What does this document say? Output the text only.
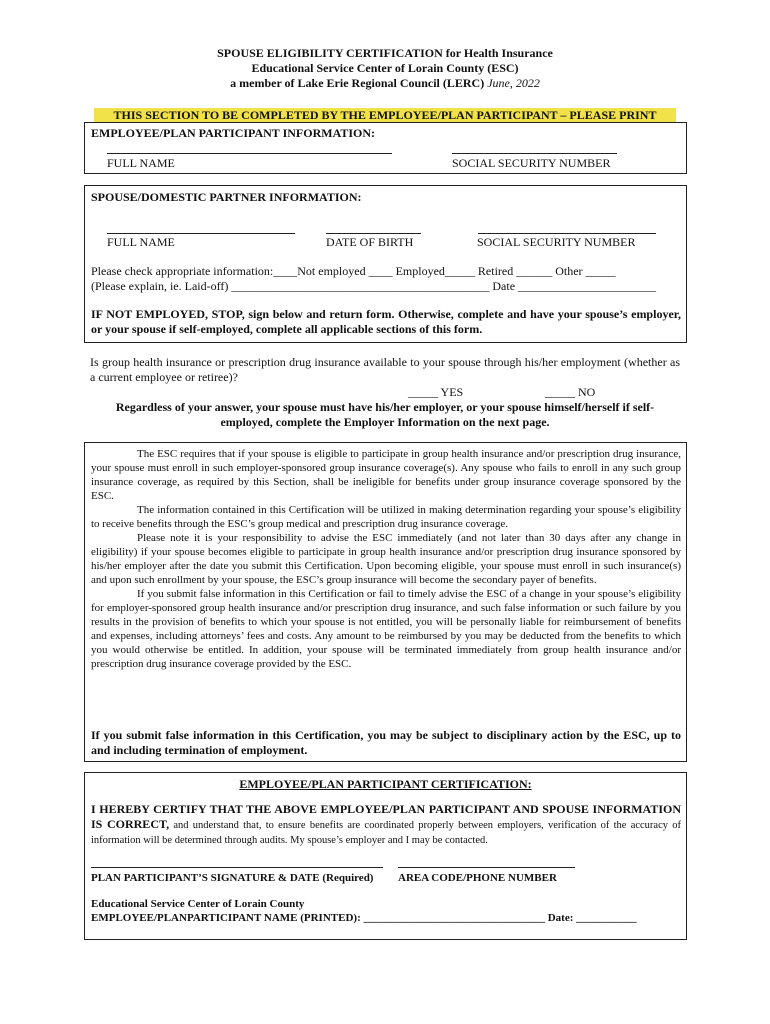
SPOUSE ELIGIBILITY CERTIFICATION for Health Insurance
Educational Service Center of Lorain County (ESC)
a member of Lake Erie Regional Council (LERC) June, 2022
THIS SECTION TO BE COMPLETED BY THE EMPLOYEE/PLAN PARTICIPANT – PLEASE PRINT
EMPLOYEE/PLAN PARTICIPANT INFORMATION:
FULL NAME	SOCIAL SECURITY NUMBER
SPOUSE/DOMESTIC PARTNER INFORMATION:
FULL NAME	DATE OF BIRTH	SOCIAL SECURITY NUMBER
Please check appropriate information:____Not employed ____ Employed_____ Retired ______ Other _____
(Please explain, ie. Laid-off) ___________________________________________ Date _______________________
IF NOT EMPLOYED, STOP, sign below and return form. Otherwise, complete and have your spouse’s employer, or your spouse if self-employed, complete all applicable sections of this form.
Is group health insurance or prescription drug insurance available to your spouse through his/her employment (whether as a current employee or retiree)?
_____ YES	_____ NO
Regardless of your answer, your spouse must have his/her employer, or your spouse himself/herself if self-employed, complete the Employer Information on the next page.

The ESC requires that if your spouse is eligible to participate in group health insurance and/or prescription drug insurance, your spouse must enroll in such employer-sponsored group insurance coverage(s). Any spouse who fails to enroll in any such group insurance coverage, as required by this Section, shall be ineligible for benefits under group insurance coverage sponsored by the ESC.

The information contained in this Certification will be utilized in making determination regarding your spouse’s eligibility to receive benefits through the ESC’s group medical and prescription drug insurance coverage.

Please note it is your responsibility to advise the ESC immediately (and not later than 30 days after any change in eligibility) if your spouse becomes eligible to participate in group health insurance and/or prescription drug insurance sponsored by his/her employer after the date you submit this Certification. Upon becoming eligible, your spouse must enroll in such insurance(s) and upon such enrollment by your spouse, the ESC’s group insurance will become the secondary payer of benefits.

If you submit false information in this Certification or fail to timely advise the ESC of a change in your spouse’s eligibility for employer-sponsored group health insurance and/or prescription drug insurance, and such false information or such failure by you results in the provision of benefits to which your spouse is not entitled, you will be personally liable for reimbursement of benefits and expenses, including attorneys’ fees and costs. Any amount to be reimbursed by you may be deducted from the benefits to which you would otherwise be entitled. In addition, your spouse will be terminated immediately from group health insurance and/or prescription drug insurance coverage provided by the ESC.

If you submit false information in this Certification, you may be subject to disciplinary action by the ESC, up to and including termination of employment.
EMPLOYEE/PLAN PARTICIPANT CERTIFICATION:
I HEREBY CERTIFY THAT THE ABOVE EMPLOYEE/PLAN PARTICIPANT AND SPOUSE INFORMATION IS CORRECT, and understand that, to ensure benefits are coordinated properly between employers, verification of the accuracy of information will be determined through audits. My spouse’s employer and I may be contacted.
PLAN PARTICIPANT’S SIGNATURE & DATE (Required) AREA CODE/PHONE NUMBER
Educational Service Center of Lorain County
EMPLOYEE/PLANPARTICIPANT NAME (PRINTED): _________________________________ Date: ___________
